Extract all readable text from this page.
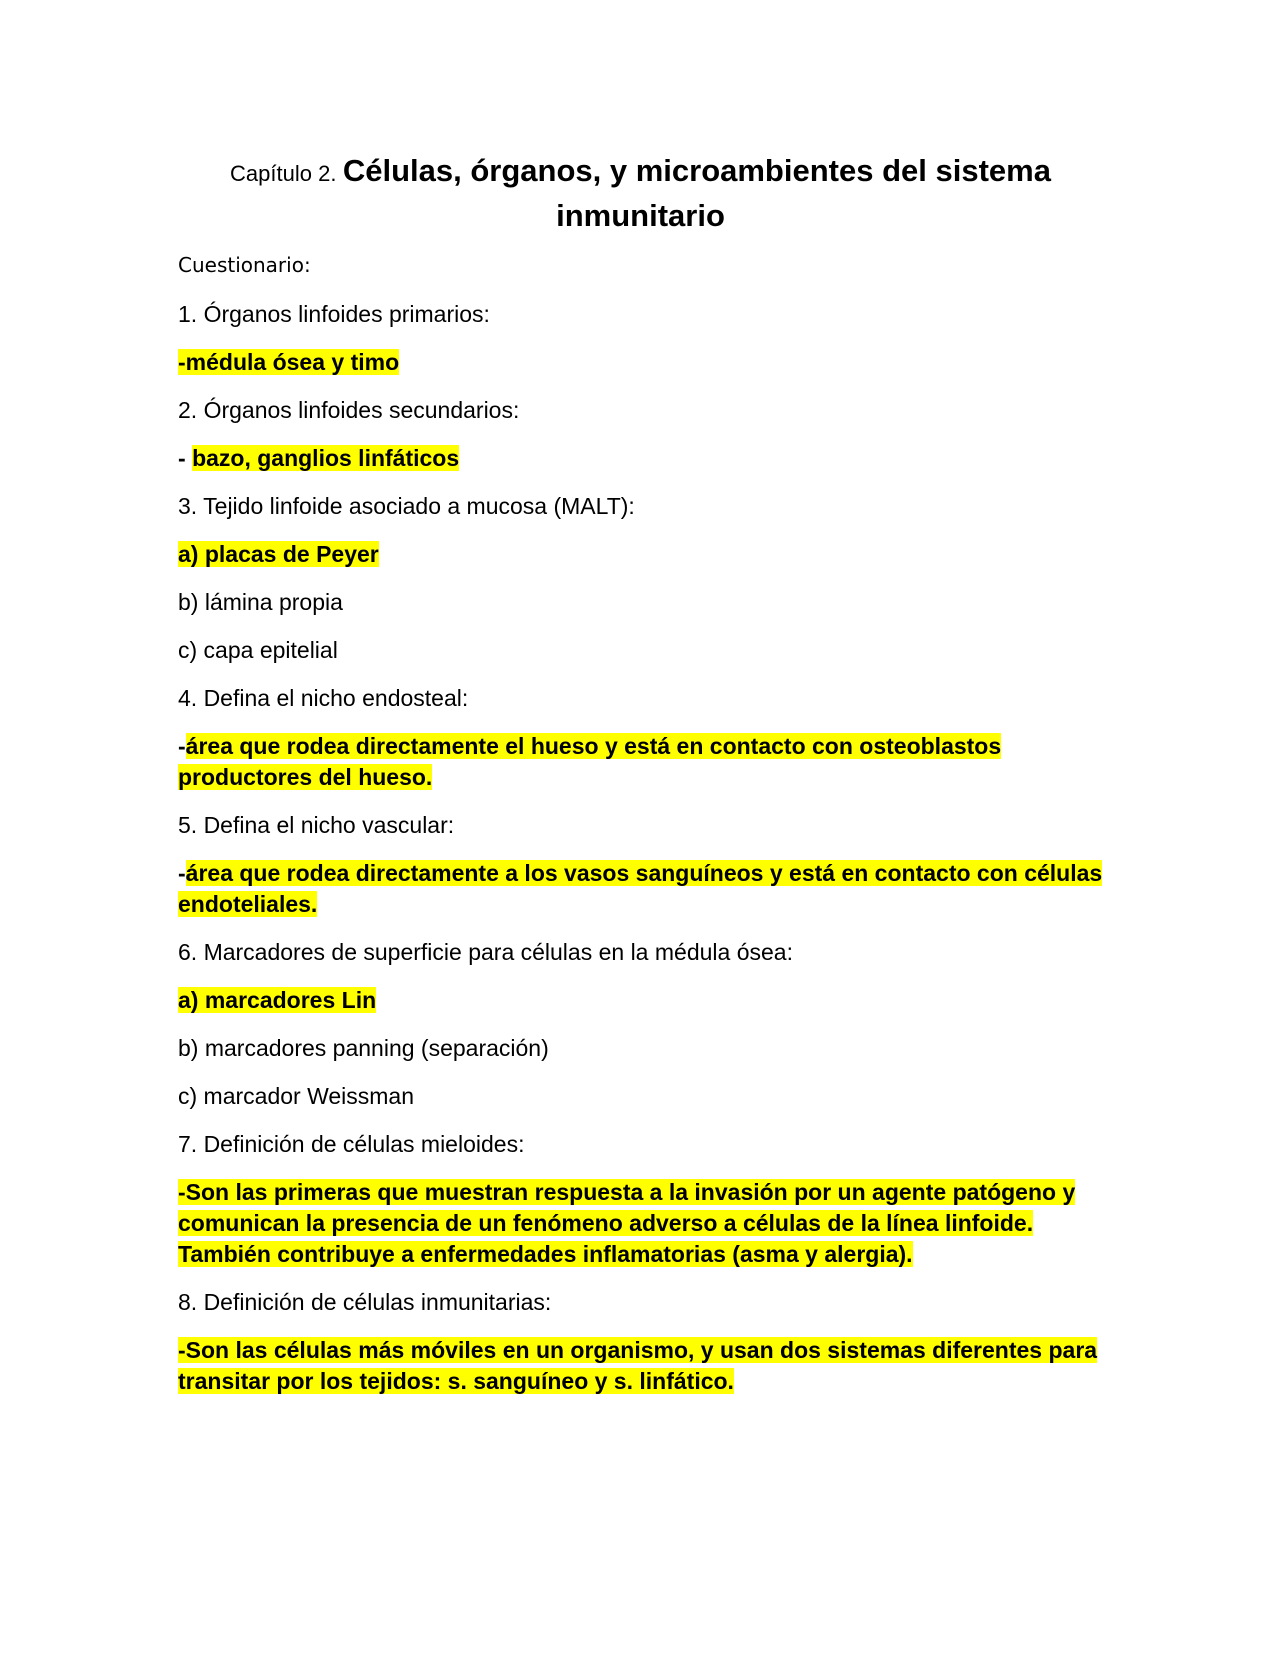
Capítulo 2. Células, órganos, y microambientes del sistema inmunitario

Cuestionario:

1. Órganos linfoides primarios:

-médula ósea y timo

2. Órganos linfoides secundarios:

- bazo, ganglios linfáticos

3. Tejido linfoide asociado a mucosa (MALT):

a) placas de Peyer

b) lámina propia

c) capa epitelial

4. Defina el nicho endosteal:

-área que rodea directamente el hueso y está en contacto con osteoblastos productores del hueso.

5. Defina el nicho vascular:

-área que rodea directamente a los vasos sanguíneos y está en contacto con células endoteliales.

6. Marcadores de superficie para células en la médula ósea:

a) marcadores Lin

b) marcadores panning (separación)

c) marcador Weissman

7. Definición de células mieloides:

-Son las primeras que muestran respuesta a la invasión por un agente patógeno y comunican la presencia de un fenómeno adverso a células de la línea linfoide. También contribuye a enfermedades inflamatorias (asma y alergia).

8. Definición de células inmunitarias:

-Son las células más móviles en un organismo, y usan dos sistemas diferentes para transitar por los tejidos: s. sanguíneo y s. linfático.
